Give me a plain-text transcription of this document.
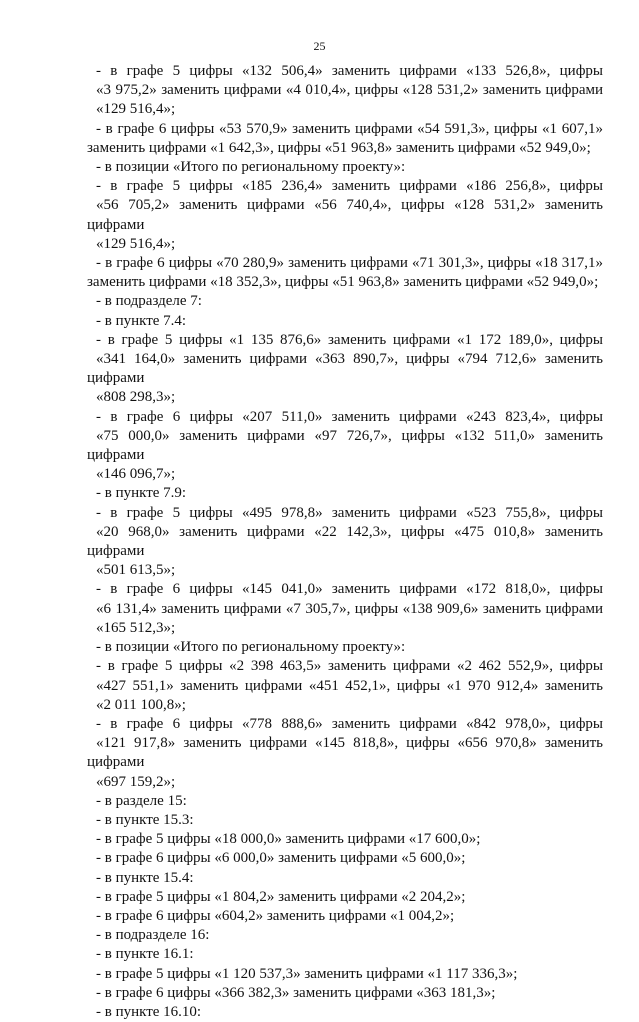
25

- в графе 5 цифры «132 506,4» заменить цифрами «133 526,8», цифры
«3 975,2» заменить цифрами «4 010,4», цифры «128 531,2» заменить цифрами
«129 516,4»;

- в графе 6 цифры «53 570,9» заменить цифрами «54 591,3», цифры «1 607,1»
заменить цифрами «1 642,3», цифры «51 963,8» заменить цифрами «52 949,0»;

- в позиции «Итого по региональному проекту»:

- в графе 5 цифры «185 236,4» заменить цифрами «186 256,8», цифры
«56 705,2» заменить цифрами «56 740,4», цифры «128 531,2» заменить цифрами
«129 516,4»;

- в графе 6 цифры «70 280,9» заменить цифрами «71 301,3», цифры «18 317,1»
заменить цифрами «18 352,3», цифры «51 963,8» заменить цифрами «52 949,0»;

- в подразделе 7:

- в пункте 7.4:

- в графе 5 цифры «1 135 876,6» заменить цифрами «1 172 189,0», цифры
«341 164,0» заменить цифрами «363 890,7», цифры «794 712,6» заменить цифрами
«808 298,3»;

- в графе 6 цифры «207 511,0» заменить цифрами «243 823,4», цифры
«75 000,0» заменить цифрами «97 726,7», цифры «132 511,0» заменить цифрами
«146 096,7»;

- в пункте 7.9:

- в графе 5 цифры «495 978,8» заменить цифрами «523 755,8», цифры
«20 968,0» заменить цифрами «22 142,3», цифры «475 010,8» заменить цифрами
«501 613,5»;

- в графе 6 цифры «145 041,0» заменить цифрами «172 818,0», цифры
«6 131,4» заменить цифрами «7 305,7», цифры «138 909,6» заменить цифрами
«165 512,3»;

- в позиции «Итого по региональному проекту»:

- в графе 5 цифры «2 398 463,5» заменить цифрами «2 462 552,9», цифры
«427 551,1» заменить цифрами «451 452,1», цифры «1 970 912,4» заменить
«2 011 100,8»;

- в графе 6 цифры «778 888,6» заменить цифрами «842 978,0», цифры
«121 917,8» заменить цифрами «145 818,8», цифры «656 970,8» заменить цифрами
«697 159,2»;

- в разделе 15:

- в пункте 15.3:

- в графе 5 цифры «18 000,0» заменить цифрами «17 600,0»;

- в графе 6 цифры «6 000,0» заменить цифрами «5 600,0»;

- в пункте 15.4:

- в графе 5 цифры «1 804,2» заменить цифрами «2 204,2»;

- в графе 6 цифры «604,2» заменить цифрами «1 004,2»;

- в подразделе 16:

- в пункте 16.1:

- в графе 5 цифры «1 120 537,3» заменить цифрами «1 117 336,3»;

- в графе 6 цифры «366 382,3» заменить цифрами «363 181,3»;

- в пункте 16.10:
